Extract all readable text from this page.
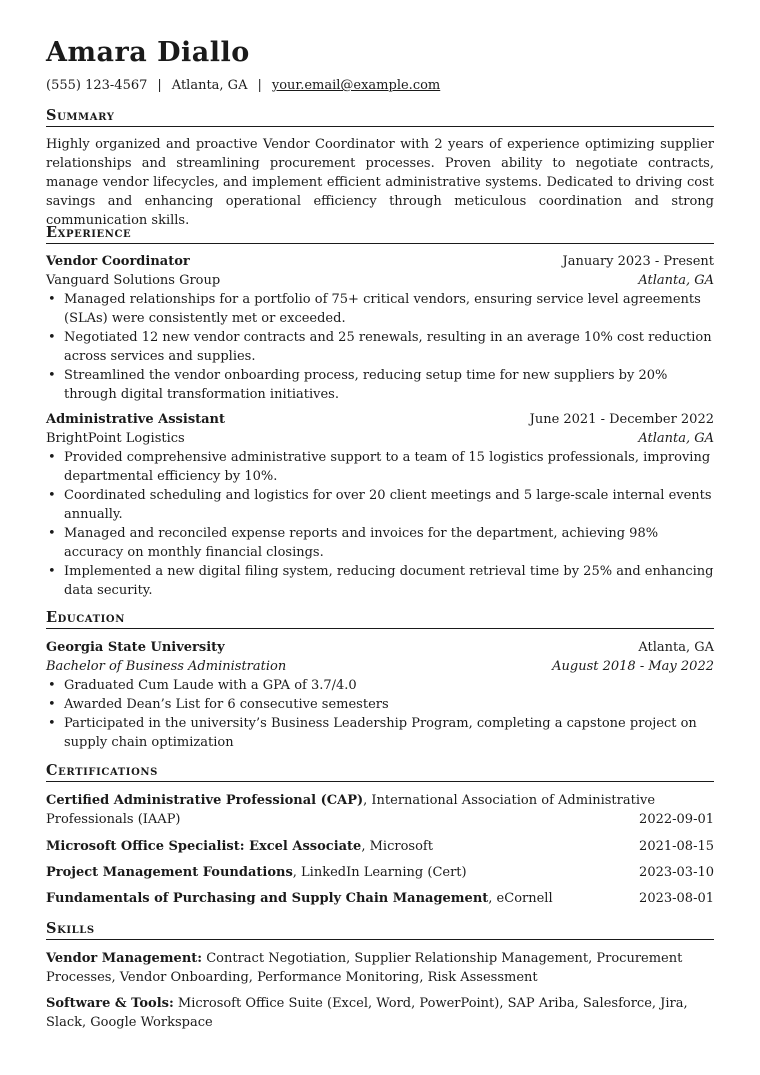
Amara Diallo
(555) 123-4567 | Atlanta, GA | your.email@example.com
Summary
Highly organized and proactive Vendor Coordinator with 2 years of experience optimizing supplier relationships and streamlining procurement processes. Proven ability to negotiate contracts, manage vendor lifecycles, and implement efficient administrative systems. Dedicated to driving cost savings and enhancing operational efficiency through meticulous coordination and strong communication skills.
Experience
Vendor Coordinator	January 2023 - Present
Vanguard Solutions Group	Atlanta, GA
• Managed relationships for a portfolio of 75+ critical vendors, ensuring service level agreements (SLAs) were consistently met or exceeded.
• Negotiated 12 new vendor contracts and 25 renewals, resulting in an average 10% cost reduction across services and supplies.
• Streamlined the vendor onboarding process, reducing setup time for new suppliers by 20% through digital transformation initiatives.
Administrative Assistant	June 2021 - December 2022
BrightPoint Logistics	Atlanta, GA
• Provided comprehensive administrative support to a team of 15 logistics professionals, improving departmental efficiency by 10%.
• Coordinated scheduling and logistics for over 20 client meetings and 5 large-scale internal events annually.
• Managed and reconciled expense reports and invoices for the department, achieving 98% accuracy on monthly financial closings.
• Implemented a new digital filing system, reducing document retrieval time by 25% and enhancing data security.
Education
Georgia State University	Atlanta, GA
Bachelor of Business Administration	August 2018 - May 2022
• Graduated Cum Laude with a GPA of 3.7/4.0
• Awarded Dean’s List for 6 consecutive semesters
• Participated in the university’s Business Leadership Program, completing a capstone project on supply chain optimization
Certifications
Certified Administrative Professional (CAP), International Association of Administrative Professionals (IAAP)	2022-09-01
Microsoft Office Specialist: Excel Associate, Microsoft	2021-08-15
Project Management Foundations, LinkedIn Learning (Cert)	2023-03-10
Fundamentals of Purchasing and Supply Chain Management, eCornell	2023-08-01
Skills
Vendor Management: Contract Negotiation, Supplier Relationship Management, Procurement Processes, Vendor Onboarding, Performance Monitoring, Risk Assessment
Software & Tools: Microsoft Office Suite (Excel, Word, PowerPoint), SAP Ariba, Salesforce, Jira, Slack, Google Workspace
